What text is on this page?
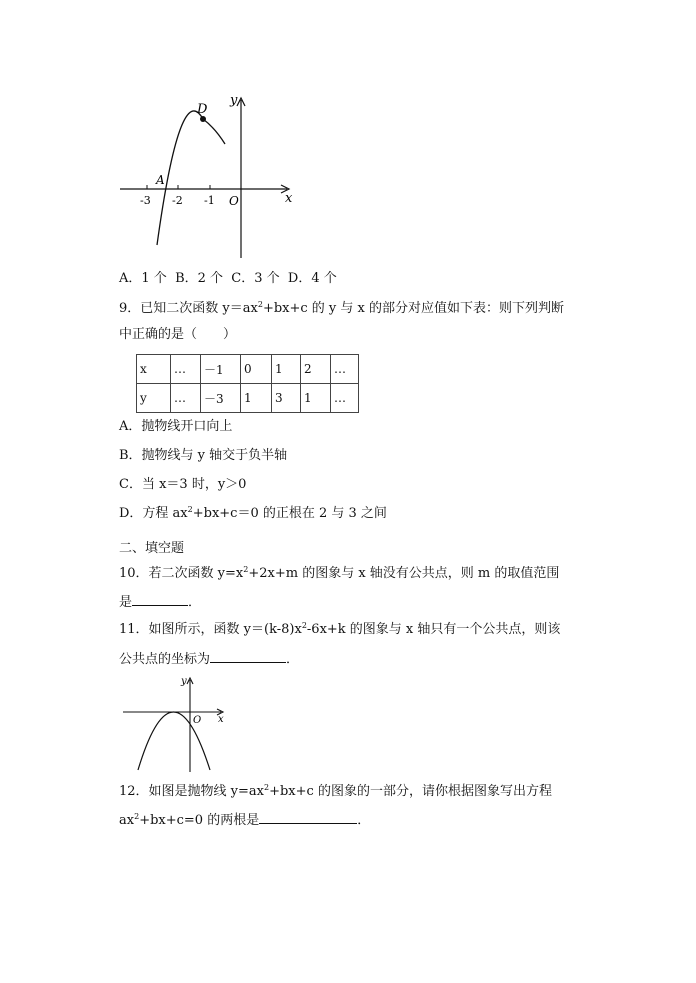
D
A
y
x
O
-3 -2 -1
A．1 个 B．2 个 C．3 个 D．4 个
9．已知二次函数 $y=ax^2+bx+c$ 的 y 与 x 的部分对应值如下表：则下列判断
中正确的是（　　）
x	…	－1	0	1	2	…
y	…	－3	1	3	1	…
A．抛物线开口向上
B．抛物线与 y 轴交于负半轴
C．当 x＝3 时，y＞0
D．方程 $ax^2+bx+c=0$ 的正根在 2 与 3 之间
二、填空题
10．若二次函数 $y=x^2+2x+m$ 的图象与 x 轴没有公共点，则 m 的取值范围
是	．
11．如图所示，函数 $y=(k-8)x^2-6x+k$ 的图象与 x 轴只有一个公共点，则该
公共点的坐标为	．
y
x
O
12．如图是抛物线 $y=ax^2+bx+c$ 的图象的一部分，请你根据图象写出方程
$ax^2+bx+c=0$ 的两根是	．
